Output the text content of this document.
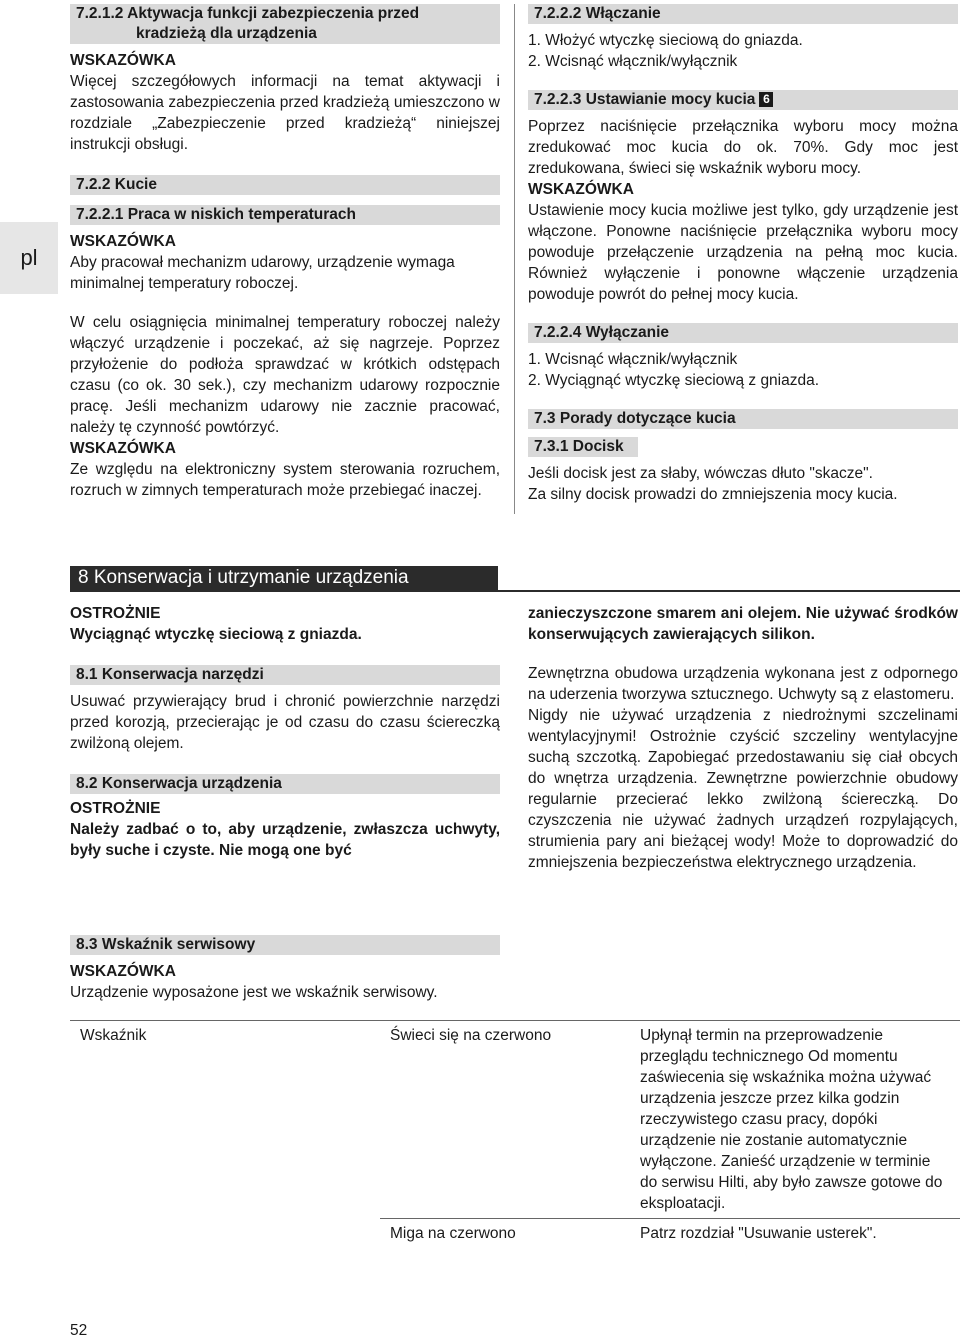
pl
7.2.1.2 Aktywacja funkcji zabezpieczenia przed
kradzieżą dla urządzenia

WSKAZÓWKA

Więcej szczegółowych informacji na temat aktywacji i zastosowania zabezpieczenia przed kradzieżą umieszczono w rozdziale „Zabezpieczenie przed kradzieżą“ niniejszej instrukcji obsługi.

7.2.2 Kucie
7.2.2.1 Praca w niskich temperaturach

WSKAZÓWKA

Aby pracował mechanizm udarowy, urządzenie wymaga minimalnej temperatury roboczej.

W celu osiągnięcia minimalnej temperatury roboczej należy włączyć urządzenie i poczekać, aż się nagrzeje. Poprzez przyłożenie do podłoża sprawdzać w krótkich odstępach czasu (co ok. 30 sek.), czy mechanizm udarowy rozpocznie pracę. Jeśli mechanizm udarowy nie zacznie pracować, należy tę czynność powtórzyć.

WSKAZÓWKA

Ze względu na elektroniczny system sterowania rozruchem, rozruch w zimnych temperaturach może przebiegać inaczej.

7.2.2.2 Włączanie

1. Włożyć wtyczkę sieciową do gniazda.

2. Wcisnąć włącznik/wyłącznik

7.2.2.3 Ustawianie mocy kucia 6

Poprzez naciśnięcie przełącznika wyboru mocy można zredukować moc kucia do ok. 70%. Gdy moc jest zredukowana, świeci się wskaźnik wyboru mocy.

WSKAZÓWKA

Ustawienie mocy kucia możliwe jest tylko, gdy urządzenie jest włączone. Ponowne naciśnięcie przełącznika wyboru mocy powoduje przełączenie urządzenia na pełną moc kucia. Również wyłączenie i ponowne włączenie urządzenia powoduje powrót do pełnej mocy kucia.

7.2.2.4 Wyłączanie

1. Wcisnąć włącznik/wyłącznik

2. Wyciągnąć wtyczkę sieciową z gniazda.

7.3 Porady dotyczące kucia
7.3.1 Docisk

Jeśli docisk jest za słaby, wówczas dłuto "skacze".

Za silny docisk prowadzi do zmniejszenia mocy kucia.

8 Konserwacja i utrzymanie urządzenia

OSTROŻNIE

Wyciągnąć wtyczkę sieciową z gniazda.

8.1 Konserwacja narzędzi

Usuwać przywierający brud i chronić powierzchnie narzędzi przed korozją, przecierając je od czasu do czasu ściereczką zwilżoną olejem.

8.2 Konserwacja urządzenia

OSTROŻNIE

Należy zadbać o to, aby urządzenie, zwłaszcza uchwyty, były suche i czyste. Nie mogą one być

zanieczyszczone smarem ani olejem. Nie używać środków konserwujących zawierających silikon.

Zewnętrzna obudowa urządzenia wykonana jest z odpornego na uderzenia tworzywa sztucznego. Uchwyty są z elastomeru.

Nigdy nie używać urządzenia z niedrożnymi szczelinami wentylacyjnymi! Ostrożnie czyścić szczeliny wentylacyjne suchą szczotką. Zapobiegać przedostawaniu się ciał obcych do wnętrza urządzenia. Zewnętrzne powierzchnie obudowy regularnie przecierać lekko zwilżoną ściereczką. Do czyszczenia nie używać żadnych urządzeń rozpylających, strumienia pary ani bieżącej wody! Może to doprowadzić do zmniejszenia bezpieczeństwa elektrycznego urządzenia.

8.3 Wskaźnik serwisowy

WSKAZÓWKA

Urządzenie wyposażone jest we wskaźnik serwisowy.

Wskaźnik	Świeci się na czerwono	Upłynął termin na przeprowadzenie przeglądu technicznego Od momentu zaświecenia się wskaźnika można używać urządzenia jeszcze przez kilka godzin rzeczywistego czasu pracy, dopóki urządzenie nie zostanie automatycznie wyłączone. Zanieść urządzenie w terminie do serwisu Hilti, aby było zawsze gotowe do eksploatacji.
	Miga na czerwono	Patrz rozdział "Usuwanie usterek".
52
